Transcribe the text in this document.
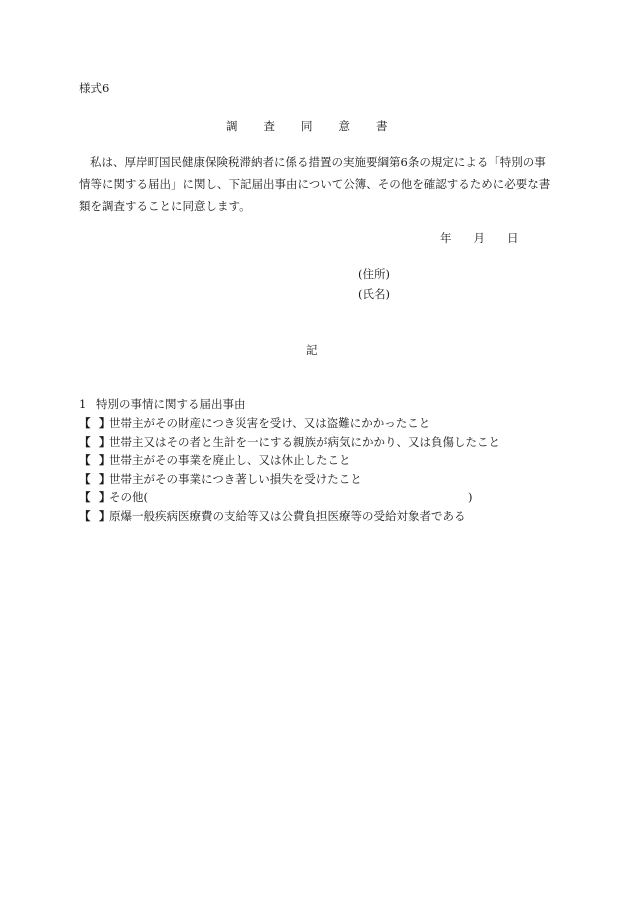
様式6
調 査 同 意 書
私は、厚岸町国民健康保険税滞納者に係る措置の実施要綱第6条の規定による「特別の事情等に関する届出」に関し、下記届出事由について公簿、その他を確認するために必要な書類を調査することに同意します。
年 月 日
(住所)
(氏名)
記
1 特別の事情に関する届出事由
【 】世帯主がその財産につき災害を受け、又は盗難にかかったこと
【 】世帯主又はその者と生計を一にする親族が病気にかかり、又は負傷したこと
【 】世帯主がその事業を廃止し、又は休止したこと
【 】世帯主がその事業につき著しい損失を受けたこと
【 】その他(	)
【 】原爆一般疾病医療費の支給等又は公費負担医療等の受給対象者である
